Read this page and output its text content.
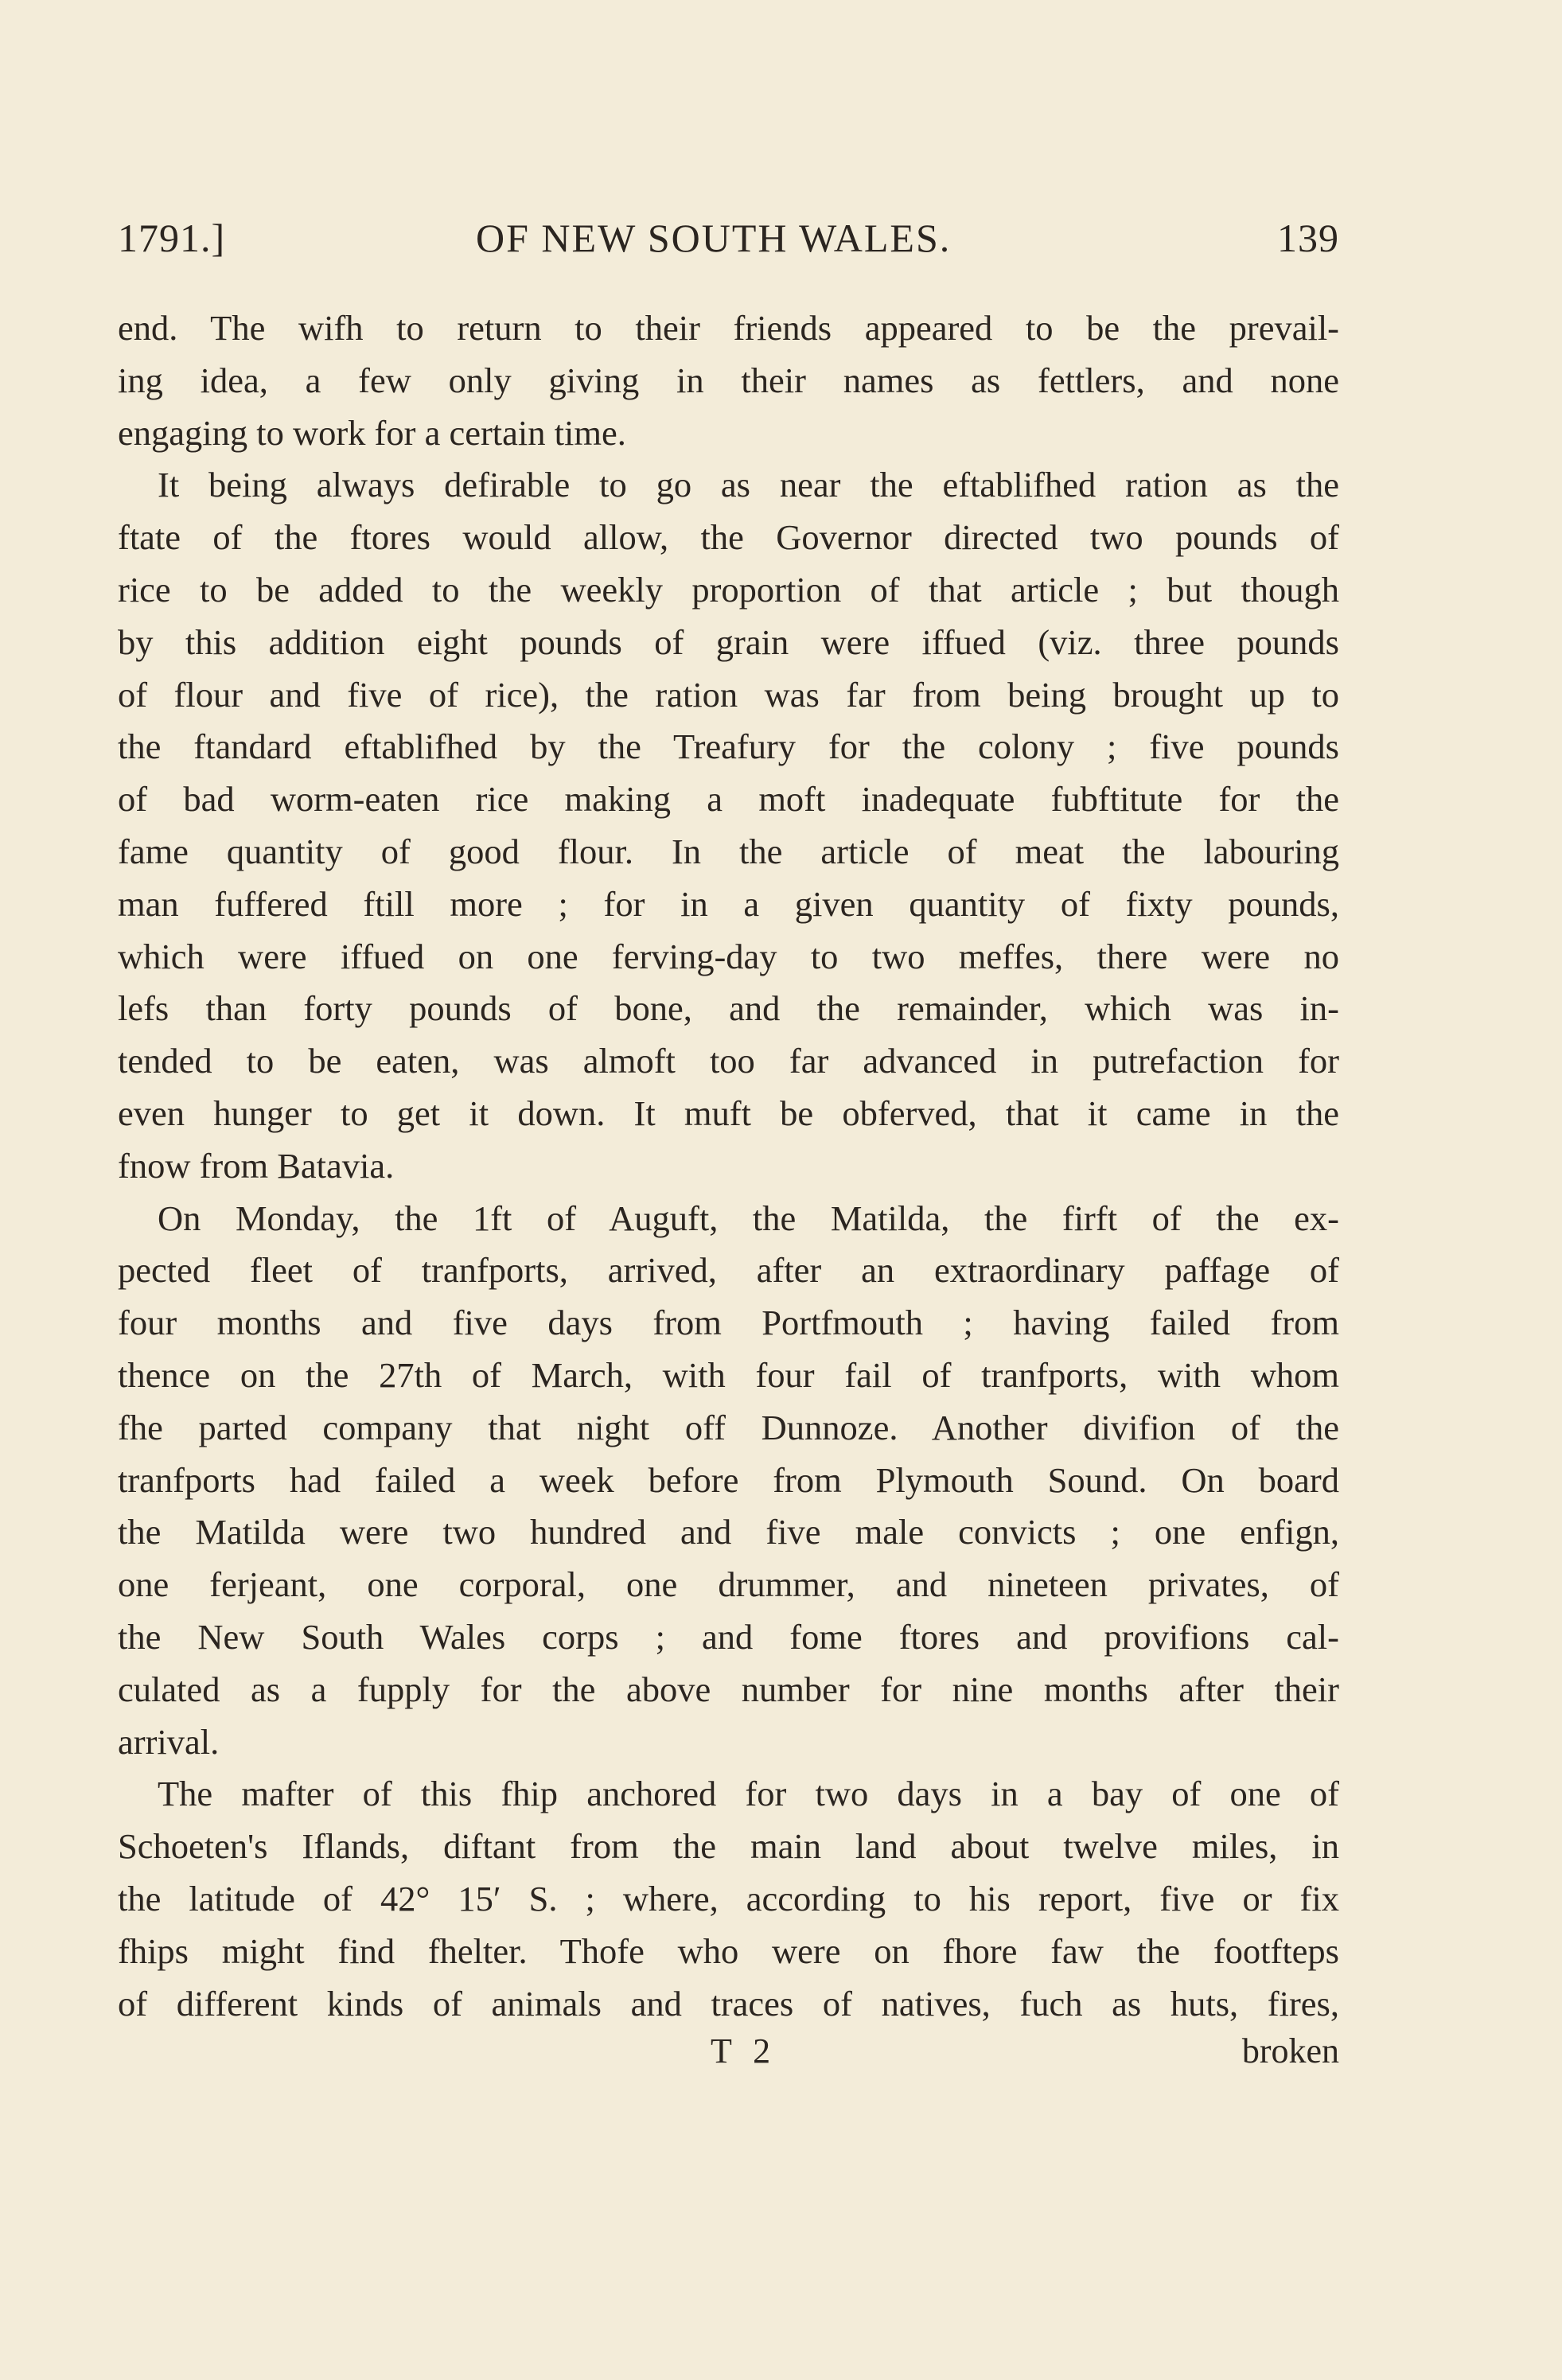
1791.]	OF NEW SOUTH WALES.	139
end. The wifh to return to their friends appeared to be the prevail-
ing idea, a few only giving in their names as fettlers, and none
engaging to work for a certain time.
It being always defirable to go as near the eftablifhed ration as the
ftate of the ftores would allow, the Governor directed two pounds of
rice to be added to the weekly proportion of that article ; but though
by this addition eight pounds of grain were iffued (viz. three pounds
of flour and five of rice), the ration was far from being brought up to
the ftandard eftablifhed by the Treafury for the colony ; five pounds
of bad worm-eaten rice making a moft inadequate fubftitute for the
fame quantity of good flour. In the article of meat the labouring
man fuffered ftill more ; for in a given quantity of fixty pounds,
which were iffued on one ferving-day to two meffes, there were no
lefs than forty pounds of bone, and the remainder, which was in-
tended to be eaten, was almoft too far advanced in putrefaction for
even hunger to get it down. It muft be obferved, that it came in the
fnow from Batavia.
On Monday, the 1ft of Auguft, the Matilda, the firft of the ex-
pected fleet of tranfports, arrived, after an extraordinary paffage of
four months and five days from Portfmouth ; having failed from
thence on the 27th of March, with four fail of tranfports, with whom
fhe parted company that night off Dunnoze. Another divifion of the
tranfports had failed a week before from Plymouth Sound. On board
the Matilda were two hundred and five male convicts ; one enfign,
one ferjeant, one corporal, one drummer, and nineteen privates, of
the New South Wales corps ; and fome ftores and provifions cal-
culated as a fupply for the above number for nine months after their
arrival.
The mafter of this fhip anchored for two days in a bay of one of
Schoeten's Iflands, diftant from the main land about twelve miles, in
the latitude of 42° 15′ S. ; where, according to his report, five or fix
fhips might find fhelter. Thofe who were on fhore faw the footfteps
of different kinds of animals and traces of natives, fuch as huts, fires,
T 2	broken
